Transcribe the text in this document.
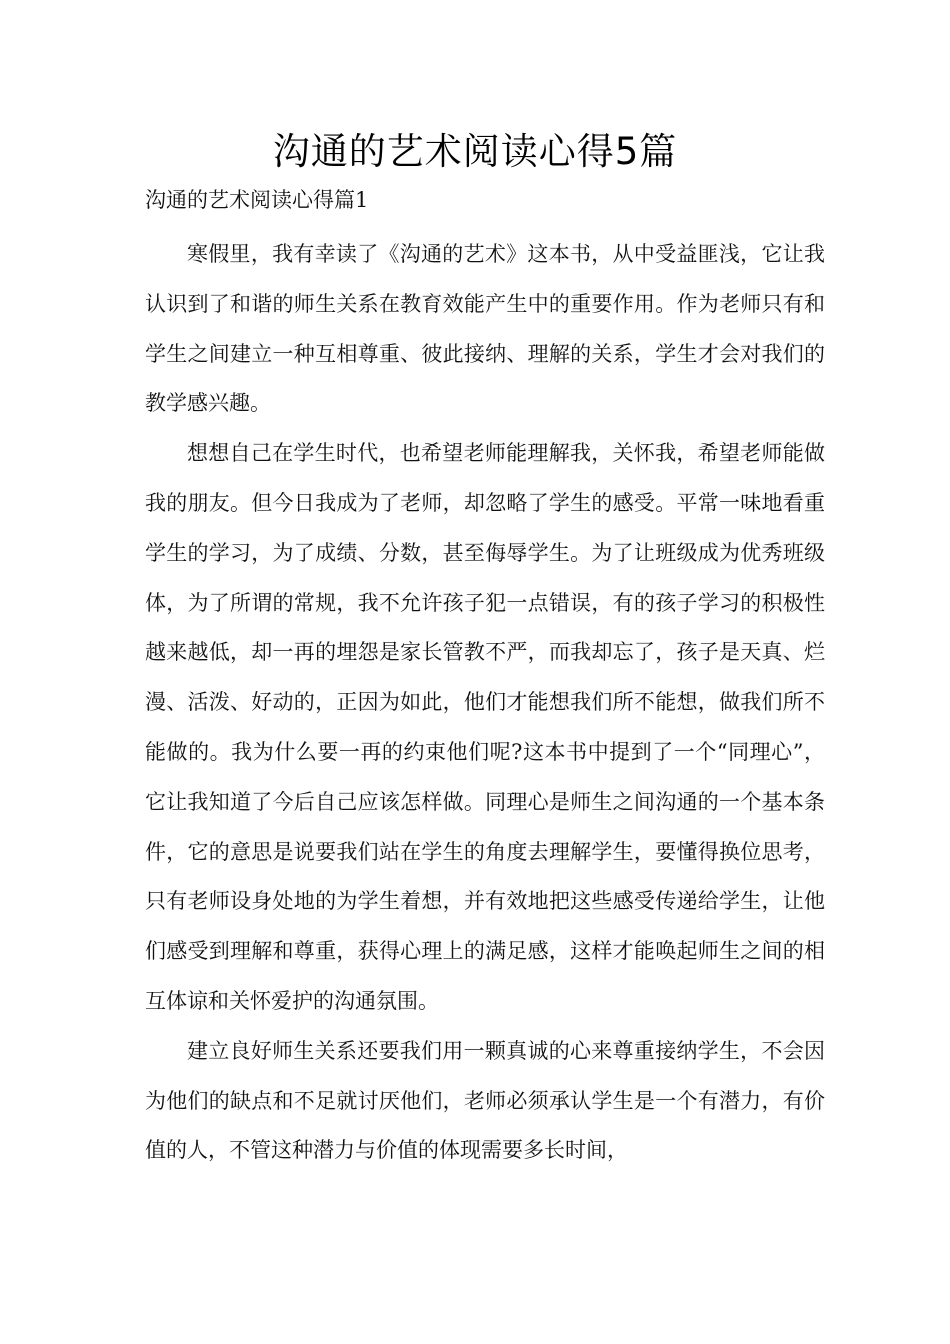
沟通的艺术阅读心得5篇
沟通的艺术阅读心得篇1

寒假里，我有幸读了《沟通的艺术》这本书，从中受益匪浅，它让我认识到了和谐的师生关系在教育效能产生中的重要作用。作为老师只有和学生之间建立一种互相尊重、彼此接纳、理解的关系，学生才会对我们的教学感兴趣。

想想自己在学生时代，也希望老师能理解我，关怀我，希望老师能做我的朋友。但今日我成为了老师，却忽略了学生的感受。平常一味地看重学生的学习，为了成绩、分数，甚至侮辱学生。为了让班级成为优秀班级体，为了所谓的常规，我不允许孩子犯一点错误，有的孩子学习的积极性越来越低，却一再的埋怨是家长管教不严，而我却忘了，孩子是天真、烂漫、活泼、好动的，正因为如此，他们才能想我们所不能想，做我们所不能做的。我为什么要一再的约束他们呢?这本书中提到了一个“同理心”，它让我知道了今后自己应该怎样做。同理心是师生之间沟通的一个基本条件，它的意思是说要我们站在学生的角度去理解学生，要懂得换位思考，只有老师设身处地的为学生着想，并有效地把这些感受传递给学生，让他们感受到理解和尊重，获得心理上的满足感，这样才能唤起师生之间的相互体谅和关怀爱护的沟通氛围。

建立良好师生关系还要我们用一颗真诚的心来尊重接纳学生，不会因为他们的缺点和不足就讨厌他们，老师必须承认学生是一个有潜力，有价值的人，不管这种潜力与价值的体现需要多长时间，
